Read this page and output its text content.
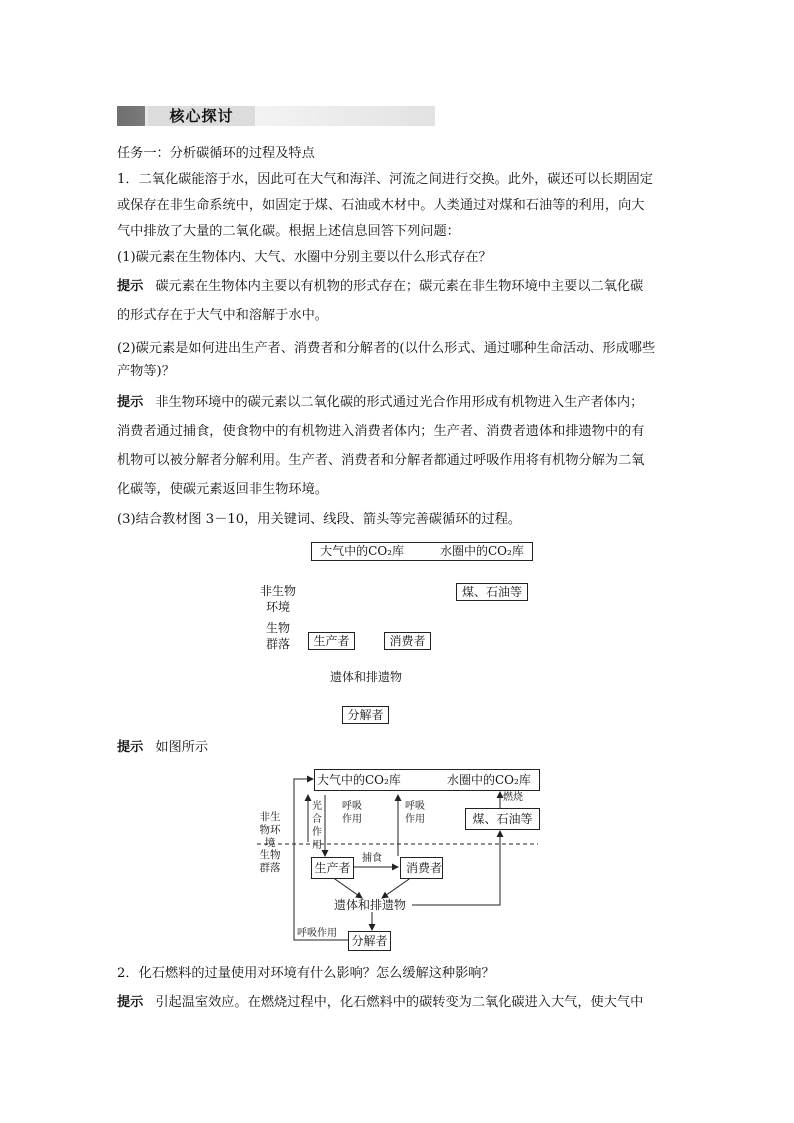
核心探讨
任务一：分析碳循环的过程及特点
1．二氧化碳能溶于水，因此可在大气和海洋、河流之间进行交换。此外，碳还可以长期固定
或保存在非生命系统中，如固定于煤、石油或木材中。人类通过对煤和石油等的利用，向大
气中排放了大量的二氧化碳。根据上述信息回答下列问题：
(1)碳元素在生物体内、大气、水圈中分别主要以什么形式存在？
提示 碳元素在生物体内主要以有机物的形式存在；碳元素在非生物环境中主要以二氧化碳
的形式存在于大气中和溶解于水中。
(2)碳元素是如何进出生产者、消费者和分解者的(以什么形式、通过哪种生命活动、形成哪些
产物等)？
提示 非生物环境中的碳元素以二氧化碳的形式通过光合作用形成有机物进入生产者体内；
消费者通过捕食，使食物中的有机物进入消费者体内；生产者、消费者遗体和排遗物中的有
机物可以被分解者分解利用。生产者、消费者和分解者都通过呼吸作用将有机物分解为二氧
化碳等，使碳元素返回非生物环境。
(3)结合教材图 3－10，用关键词、线段、箭头等完善碳循环的过程。
大气中的CO₂库　　　水圈中的CO₂库
非生物
环境
煤、石油等
生物
群落	生产者	消费者
遗体和排遗物
分解者
提示 如图所示
大气中的CO₂库	水圈中的CO₂库
燃烧
煤、石油等
非生物环境
生物群落
光合作用
呼吸作用
呼吸作用
生产者
捕食
消费者
遗体和排遗物
呼吸作用
分解者
2．化石燃料的过量使用对环境有什么影响？怎么缓解这种影响？
提示 引起温室效应。在燃烧过程中，化石燃料中的碳转变为二氧化碳进入大气，使大气中
